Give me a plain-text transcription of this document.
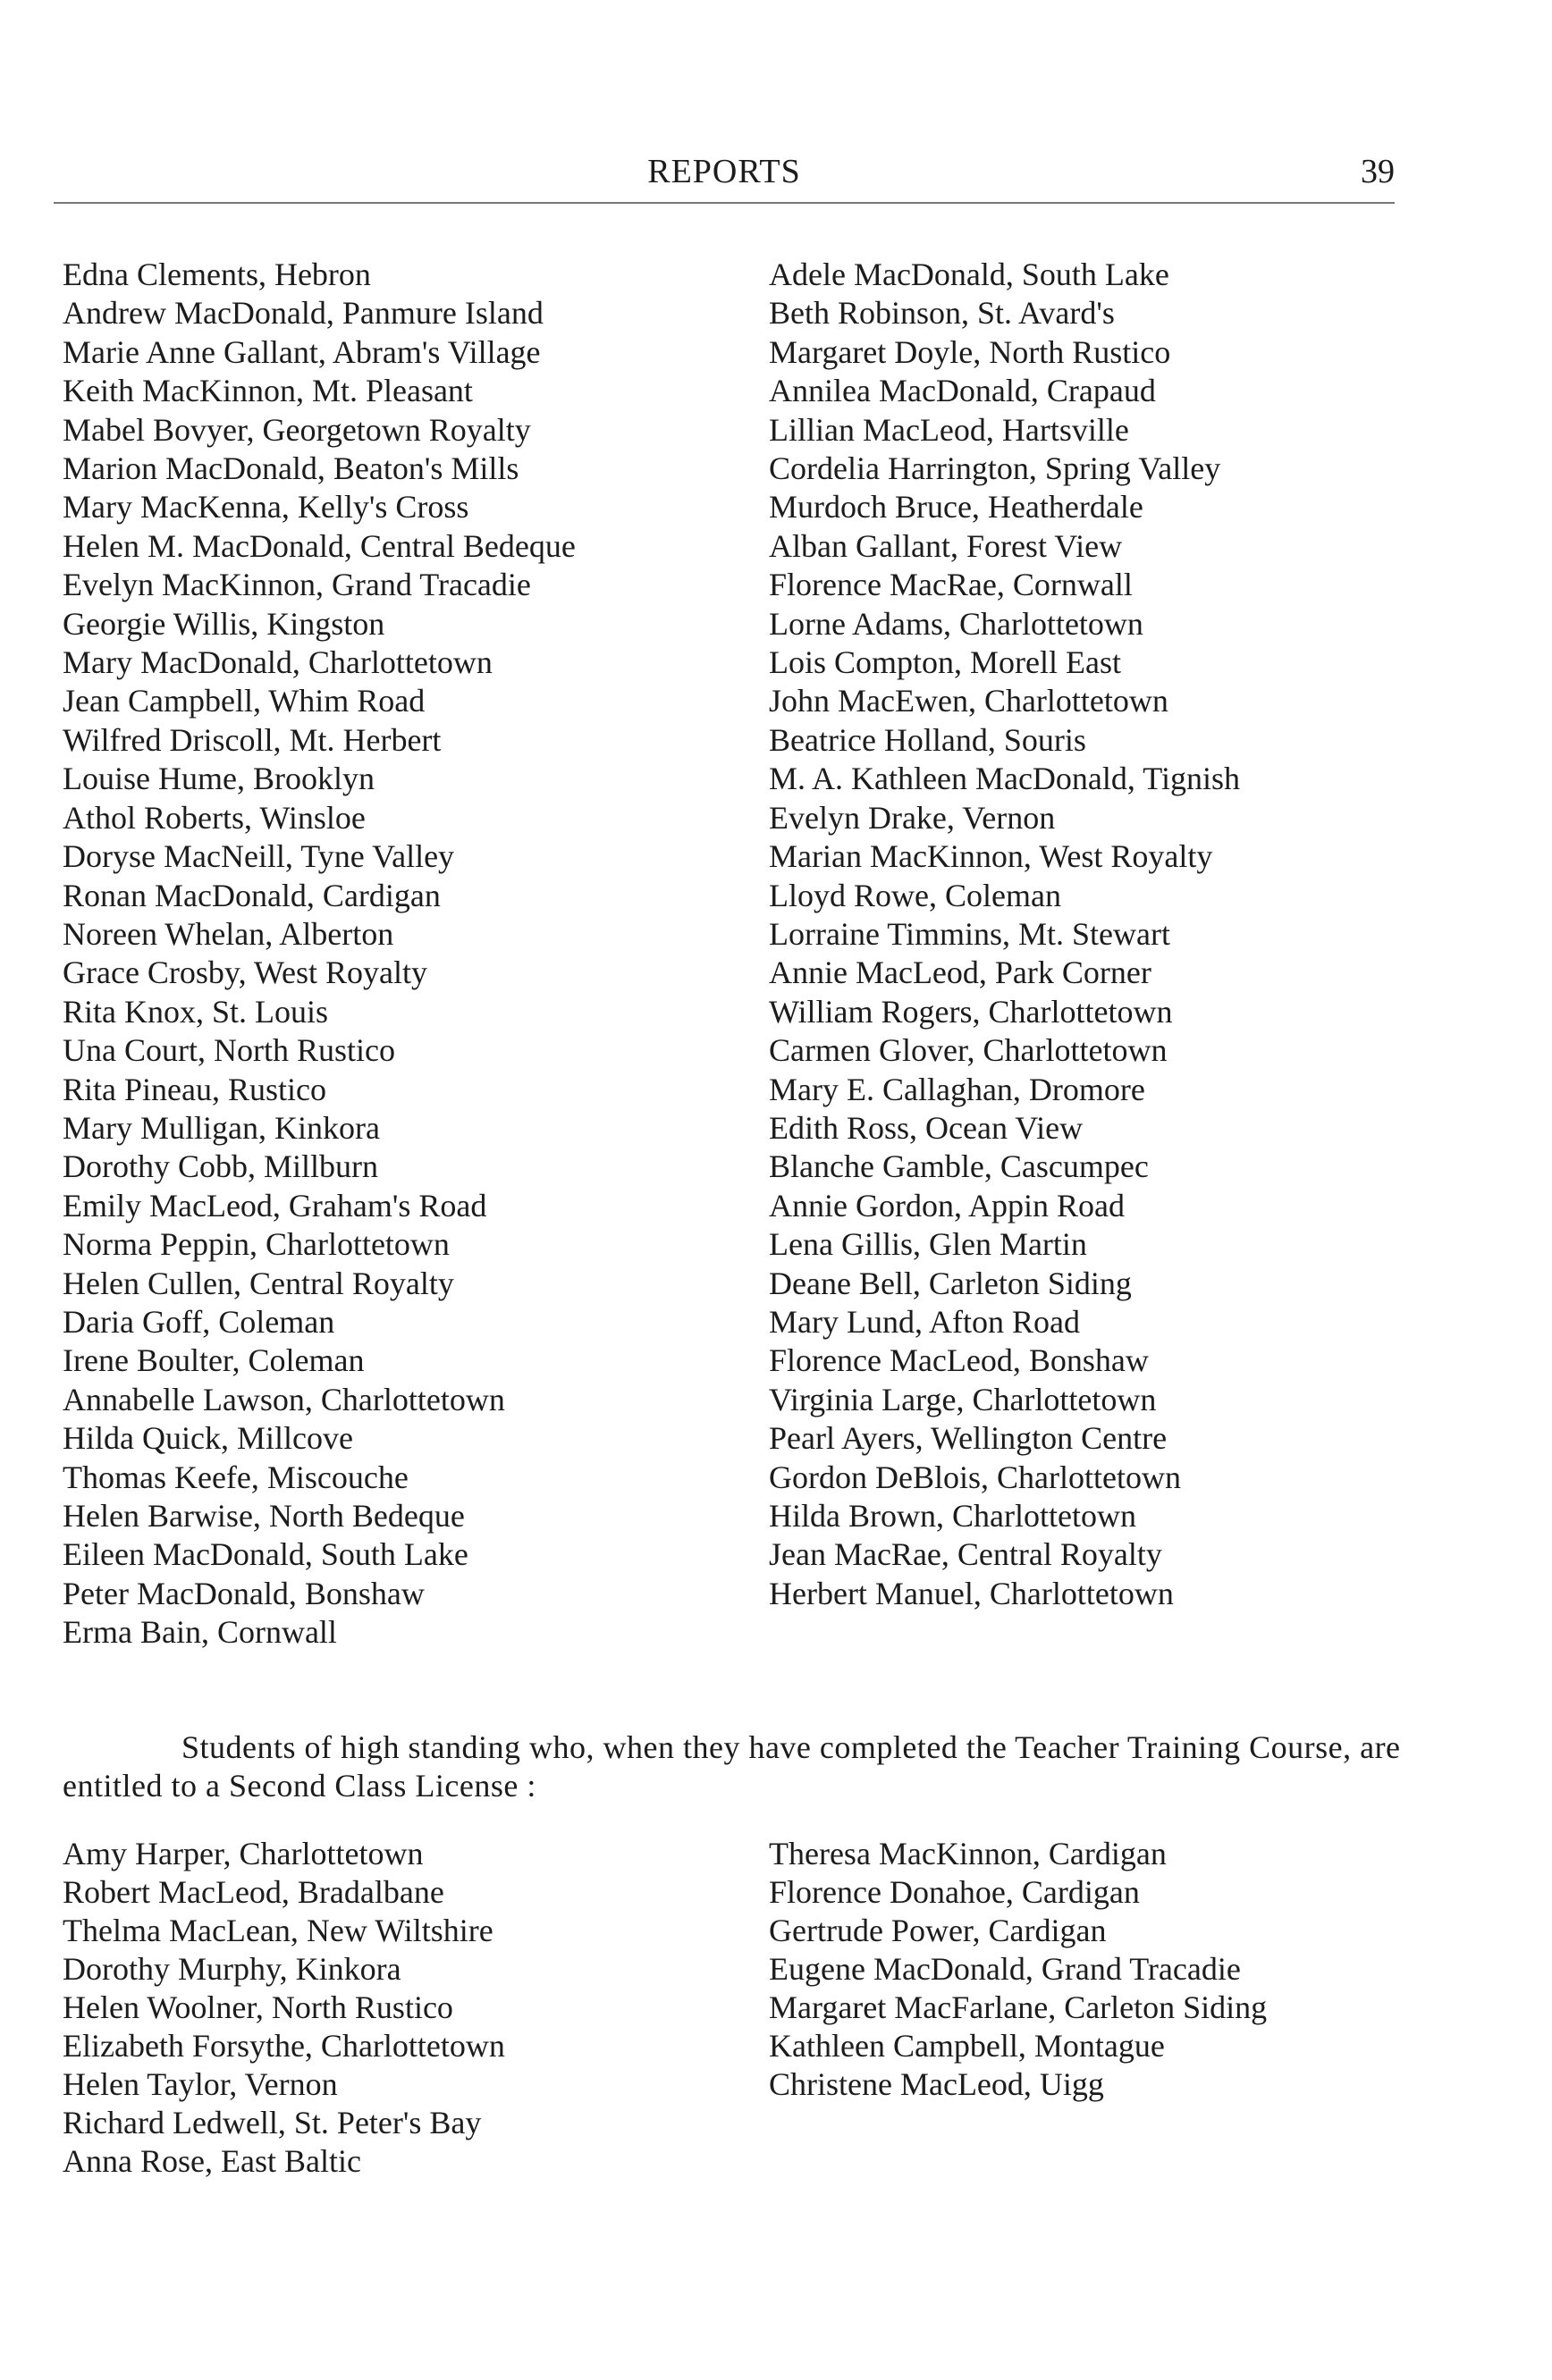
REPORTS	39
Edna Clements, Hebron
Andrew MacDonald, Panmure Island
Marie Anne Gallant, Abram's Village
Keith MacKinnon, Mt. Pleasant
Mabel Bovyer, Georgetown Royalty
Marion MacDonald, Beaton's Mills
Mary MacKenna, Kelly's Cross
Helen M. MacDonald, Central Bedeque
Evelyn MacKinnon, Grand Tracadie
Georgie Willis, Kingston
Mary MacDonald, Charlottetown
Jean Campbell, Whim Road
Wilfred Driscoll, Mt. Herbert
Louise Hume, Brooklyn
Athol Roberts, Winsloe
Doryse MacNeill, Tyne Valley
Ronan MacDonald, Cardigan
Noreen Whelan, Alberton
Grace Crosby, West Royalty
Rita Knox, St. Louis
Una Court, North Rustico
Rita Pineau, Rustico
Mary Mulligan, Kinkora
Dorothy Cobb, Millburn
Emily MacLeod, Graham's Road
Norma Peppin, Charlottetown
Helen Cullen, Central Royalty
Daria Goff, Coleman
Irene Boulter, Coleman
Annabelle Lawson, Charlottetown
Hilda Quick, Millcove
Thomas Keefe, Miscouche
Helen Barwise, North Bedeque
Eileen MacDonald, South Lake
Peter MacDonald, Bonshaw
Erma Bain, Cornwall
Adele MacDonald, South Lake
Beth Robinson, St. Avard's
Margaret Doyle, North Rustico
Annilea MacDonald, Crapaud
Lillian MacLeod, Hartsville
Cordelia Harrington, Spring Valley
Murdoch Bruce, Heatherdale
Alban Gallant, Forest View
Florence MacRae, Cornwall
Lorne Adams, Charlottetown
Lois Compton, Morell East
John MacEwen, Charlottetown
Beatrice Holland, Souris
M. A. Kathleen MacDonald, Tignish
Evelyn Drake, Vernon
Marian MacKinnon, West Royalty
Lloyd Rowe, Coleman
Lorraine Timmins, Mt. Stewart
Annie MacLeod, Park Corner
William Rogers, Charlottetown
Carmen Glover, Charlottetown
Mary E. Callaghan, Dromore
Edith Ross, Ocean View
Blanche Gamble, Cascumpec
Annie Gordon, Appin Road
Lena Gillis, Glen Martin
Deane Bell, Carleton Siding
Mary Lund, Afton Road
Florence MacLeod, Bonshaw
Virginia Large, Charlottetown
Pearl Ayers, Wellington Centre
Gordon DeBlois, Charlottetown
Hilda Brown, Charlottetown
Jean MacRae, Central Royalty
Herbert Manuel, Charlottetown

Students of high standing who, when they have completed the Teacher Training Course, are entitled to a Second Class License :

Amy Harper, Charlottetown
Robert MacLeod, Bradalbane
Thelma MacLean, New Wiltshire
Dorothy Murphy, Kinkora
Helen Woolner, North Rustico
Elizabeth Forsythe, Charlottetown
Helen Taylor, Vernon
Richard Ledwell, St. Peter's Bay
Anna Rose, East Baltic
Theresa MacKinnon, Cardigan
Florence Donahoe, Cardigan
Gertrude Power, Cardigan
Eugene MacDonald, Grand Tracadie
Margaret MacFarlane, Carleton Siding
Kathleen Campbell, Montague
Christene MacLeod, Uigg
